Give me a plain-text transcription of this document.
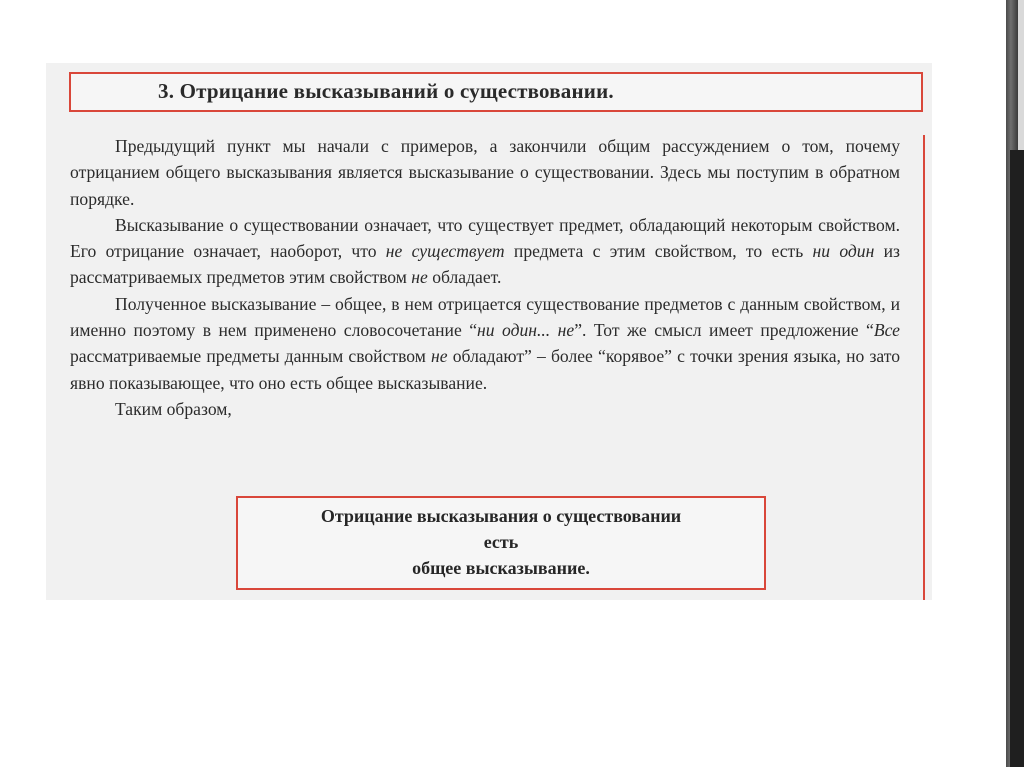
3. Отрицание высказываний о существовании.

Предыдущий пункт мы начали с примеров, а закончили общим рассуждением о том, почему отрицанием общего высказывания является высказывание о существовании. Здесь мы поступим в обратном порядке.

Высказывание о существовании означает, что существует предмет, обладающий некоторым свойством. Его отрицание означает, наоборот, что не существует предмета с этим свойством, то есть ни один из рассматриваемых предметов этим свойством не обладает.

Полученное высказывание – общее, в нем отрицается существование предметов с данным свойством, и именно поэтому в нем применено словосочетание “ни один... не”. Тот же смысл имеет предложение “Все рассматриваемые предметы данным свойством не обладают” – более “корявое” с точки зрения языка, но зато явно показывающее, что оно есть общее высказывание.

Таким образом,

Отрицание высказывания о существовании
есть
общее высказывание.
